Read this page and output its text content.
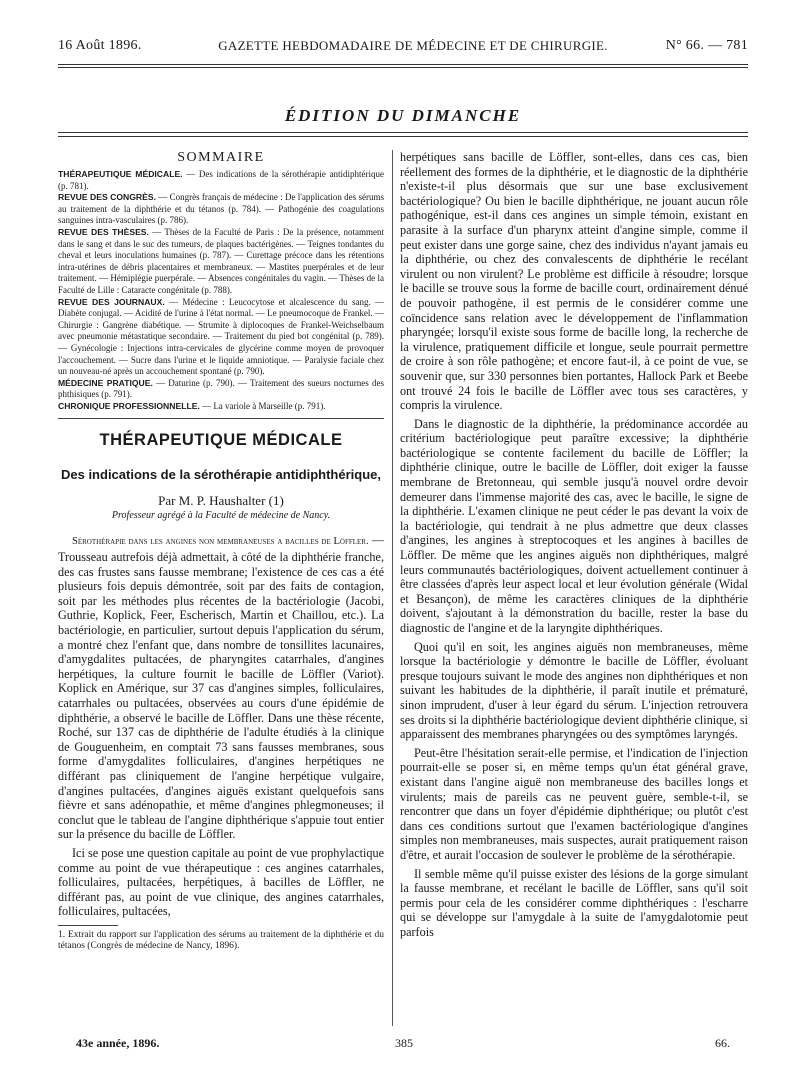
16 Août 1896.	GAZETTE HEBDOMADAIRE DE MÉDECINE ET DE CHIRURGIE.	N° 66. — 781
ÉDITION DU DIMANCHE
SOMMAIRE

THÉRAPEUTIQUE MÉDICALE. — Des indications de la sérothérapie antidiphtérique (p. 781).

REVUE DES CONGRÈS. — Congrès français de médecine : De l'application des sérums au traitement de la diphthérie et du tétanos (p. 784). — Pathogénie des coagulations sanguines intra-vasculaires (p. 786).

REVUE DES THÈSES. — Thèses de la Faculté de Paris : De la présence, notamment dans le sang et dans le suc des tumeurs, de plaques bactérigènes. — Teignes tondantes du cheval et leurs inoculations humaines (p. 787). — Curettage précoce dans les rétentions intra-utérines de débris placentaires et membraneux. — Mastites puerpérales et de leur traitement. — Hémiplégie puerpérale. — Absences congénitales du vagin. — Thèses de la Faculté de Lille : Cataracte congénitale (p. 788).

REVUE DES JOURNAUX. — Médecine : Leucocytose et alcalescence du sang. — Diabète conjugal. — Acidité de l'urine à l'état normal. — Le pneumocoque de Frankel. — Chirurgie : Gangrène diabétique. — Strumite à diplocoques de Frankel-Weichselbaum avec pneumonie métastatique secondaire. — Traitement du pied bot congénital (p. 789). — Gynécologie : Injections intra-cervicales de glycérine comme moyen de provoquer l'accouchement. — Sucre dans l'urine et le liquide amniotique. — Paralysie faciale chez un nouveau-né après un accouchement spontané (p. 790).

MÉDECINE PRATIQUE. — Daturine (p. 790). — Traitement des sueurs nocturnes des phthisiques (p. 791).

CHRONIQUE PROFESSIONNELLE. — La variole à Marseille (p. 791).

THÉRAPEUTIQUE MÉDICALE
Des indications de la sérothérapie antidiphthérique,
Par M. P. Haushalter (1)
Professeur agrégé à la Faculté de médecine de Nancy.

Sérothérapie dans les angines non membraneuses a bacilles de Löffler. — Trousseau autrefois déjà admettait, à côté de la diphthérie franche, des cas frustes sans fausse membrane; l'existence de ces cas a été plusieurs fois depuis démontrée, soit par des faits de contagion, soit par les méthodes plus récentes de la bactériologie (Jacobi, Guthrie, Koplick, Feer, Escherisch, Martin et Chaillou, etc.). La bactériologie, en particulier, surtout depuis l'application du sérum, a montré chez l'enfant que, dans nombre de tonsillites lacunaires, d'amygdalites pultacées, de pharyngites catarrhales, d'angines herpétiques, la culture fournit le bacille de Löffler (Variot). Koplick en Amérique, sur 37 cas d'angines simples, folliculaires, catarrhales ou pultacées, observées au cours d'une épidémie de diphthérie, a observé le bacille de Löffler. Dans une thèse récente, Roché, sur 137 cas de diphthérie de l'adulte étudiés à la clinique de Gouguenheim, en comptait 73 sans fausses membranes, sous forme d'amygdalites folliculaires, d'angines herpétiques ne différant pas cliniquement de l'angine herpétique vulgaire, d'angines pultacées, d'angines aiguës existant quelquefois sans fièvre et sans adénopathie, et même d'angines phlegmoneuses; il conclut que le tableau de l'angine diphthérique s'appuie tout entier sur la présence du bacille de Löffler.

Ici se pose une question capitale au point de vue prophylactique comme au point de vue thérapeutique : ces angines catarrhales, folliculaires, pultacées, herpétiques, à bacilles de Löffler, ne différant pas, au point de vue clinique, des angines catarrhales, folliculaires, pultacées,

1. Extrait du rapport sur l'application des sérums au traitement de la diphthérie et du tétanos (Congrès de médecine de Nancy, 1896).

herpétiques sans bacille de Löffler, sont-elles, dans ces cas, bien réellement des formes de la diphthérie, et le diagnostic de la diphthérie n'existe-t-il plus désormais que sur une base exclusivement bactériologique? Ou bien le bacille diphthérique, ne jouant aucun rôle pathogénique, est-il dans ces angines un simple témoin, existant en parasite à la surface d'un pharynx atteint d'angine simple, comme il peut exister dans une gorge saine, chez des individus n'ayant jamais eu la diphthérie, ou chez des convalescents de diphthérie le recélant virulent ou non virulent? Le problème est difficile à résoudre; lorsque le bacille se trouve sous la forme de bacille court, ordinairement dénué de pouvoir pathogène, il est permis de le considérer comme une coïncidence sans relation avec le développement de l'inflammation pharyngée; lorsqu'il existe sous forme de bacille long, la recherche de la virulence, pratiquement difficile et longue, seule pourrait permettre de croire à son rôle pathogène; et encore faut-il, à ce point de vue, se souvenir que, sur 330 personnes bien portantes, Hallock Park et Beebe ont trouvé 24 fois le bacille de Löffler avec tous ses caractères, y compris la virulence.

Dans le diagnostic de la diphthérie, la prédominance accordée au critérium bactériologique peut paraître excessive; la diphthérie bactériologique se contente facilement du bacille de Löffler; la diphthérie clinique, outre le bacille de Löffler, doit exiger la fausse membrane de Bretonneau, qui semble jusqu'à nouvel ordre devoir demeurer dans l'immense majorité des cas, avec le bacille, le signe de la diphthérie. L'examen clinique ne peut céder le pas devant la voix de la bactériologie, qui tendrait à ne plus admettre que deux classes d'angines, les angines à streptocoques et les angines à bacilles de Löffler. De même que les angines aiguës non diphthériques, malgré leurs communautés bactériologiques, doivent actuellement continuer à être classées d'après leur aspect local et leur évolution générale (Widal et Besançon), de même les caractères cliniques de la diphthérie doivent, s'ajoutant à la démonstration du bacille, rester la base du diagnostic de l'angine et de la laryngite diphthériques.

Quoi qu'il en soit, les angines aiguës non membraneuses, même lorsque la bactériologie y démontre le bacille de Löffler, évoluant presque toujours suivant le mode des angines non diphthériques et non suivant les habitudes de la diphthérie, il paraît inutile et prématuré, sinon imprudent, d'user à leur égard du sérum. L'injection retrouvera ses droits si la diphthérie bactériologique devient diphthérie clinique, si apparaissent des membranes pharyngées ou des symptômes laryngés.

Peut-être l'hésitation serait-elle permise, et l'indication de l'injection pourrait-elle se poser si, en même temps qu'un état général grave, existant dans l'angine aiguë non membraneuse des bacilles longs et virulents; mais de pareils cas ne peuvent guère, semble-t-il, se rencontrer que dans un foyer d'épidémie diphthérique; ou plutôt c'est dans ces conditions surtout que l'examen bactériologique d'angines simples non membraneuses, mais suspectes, aurait pratiquement raison d'être, et aurait l'occasion de soulever le problème de la sérothérapie.

Il semble même qu'il puisse exister des lésions de la gorge simulant la fausse membrane, et recélant le bacille de Löffler, sans qu'il soit permis pour cela de les considérer comme diphthériques : l'escharre qui se développe sur l'amygdale à la suite de l'amygdalotomie peut parfois

43e année, 1896.	385	66.
